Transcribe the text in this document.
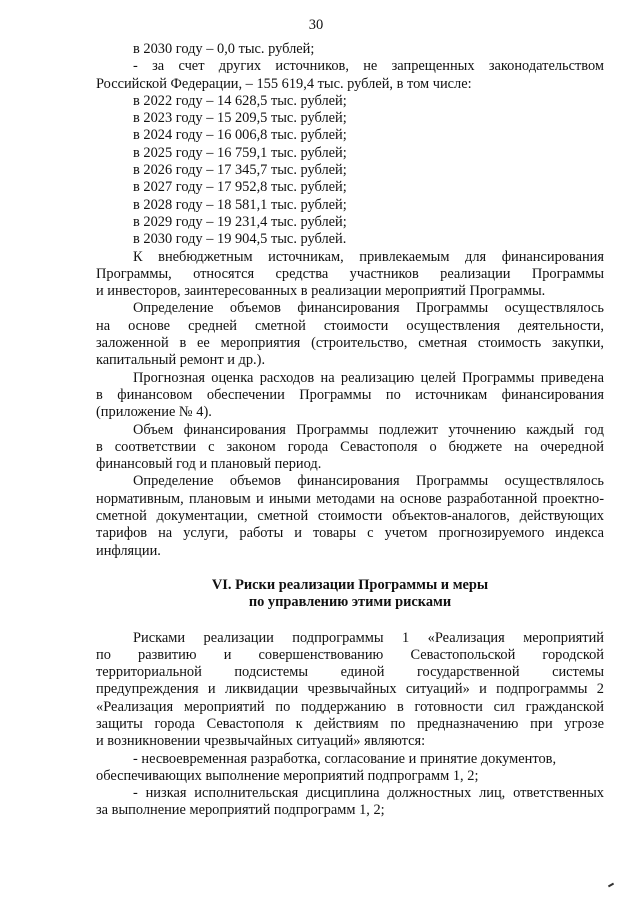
30
в 2030 году – 0,0 тыс. рублей;
- за счет других источников, не запрещенных законодательством
Российской Федерации, – 155 619,4 тыс. рублей, в том числе:
в 2022 году – 14 628,5 тыс. рублей;
в 2023 году – 15 209,5 тыс. рублей;
в 2024 году – 16 006,8 тыс. рублей;
в 2025 году – 16 759,1 тыс. рублей;
в 2026 году – 17 345,7 тыс. рублей;
в 2027 году – 17 952,8 тыс. рублей;
в 2028 году – 18 581,1 тыс. рублей;
в 2029 году – 19 231,4 тыс. рублей;
в 2030 году – 19 904,5 тыс. рублей.
К внебюджетным источникам, привлекаемым для финансирования
Программы, относятся средства участников реализации Программы
и инвесторов, заинтересованных в реализации мероприятий Программы.
Определение объемов финансирования Программы осуществлялось
на основе средней сметной стоимости осуществления деятельности,
заложенной в ее мероприятия (строительство, сметная стоимость закупки,
капитальный ремонт и др.).
Прогнозная оценка расходов на реализацию целей Программы приведена
в финансовом обеспечении Программы по источникам финансирования
(приложение № 4).
Объем финансирования Программы подлежит уточнению каждый год
в соответствии с законом города Севастополя о бюджете на очередной
финансовый год и плановый период.
Определение объемов финансирования Программы осуществлялось
нормативным, плановым и иными методами на основе разработанной проектно-
сметной документации, сметной стоимости объектов-аналогов, действующих
тарифов на услуги, работы и товары с учетом прогнозируемого индекса
инфляции.
VI. Риски реализации Программы и меры
по управлению этими рисками
Рисками реализации подпрограммы 1 «Реализация мероприятий
по развитию и совершенствованию Севастопольской городской
территориальной подсистемы единой государственной системы
предупреждения и ликвидации чрезвычайных ситуаций» и подпрограммы 2
«Реализация мероприятий по поддержанию в готовности сил гражданской
защиты города Севастополя к действиям по предназначению при угрозе
и возникновении чрезвычайных ситуаций» являются:
- несвоевременная разработка, согласование и принятие документов,
обеспечивающих выполнение мероприятий подпрограмм 1, 2;
- низкая исполнительская дисциплина должностных лиц, ответственных
за выполнение мероприятий подпрограмм 1, 2;
